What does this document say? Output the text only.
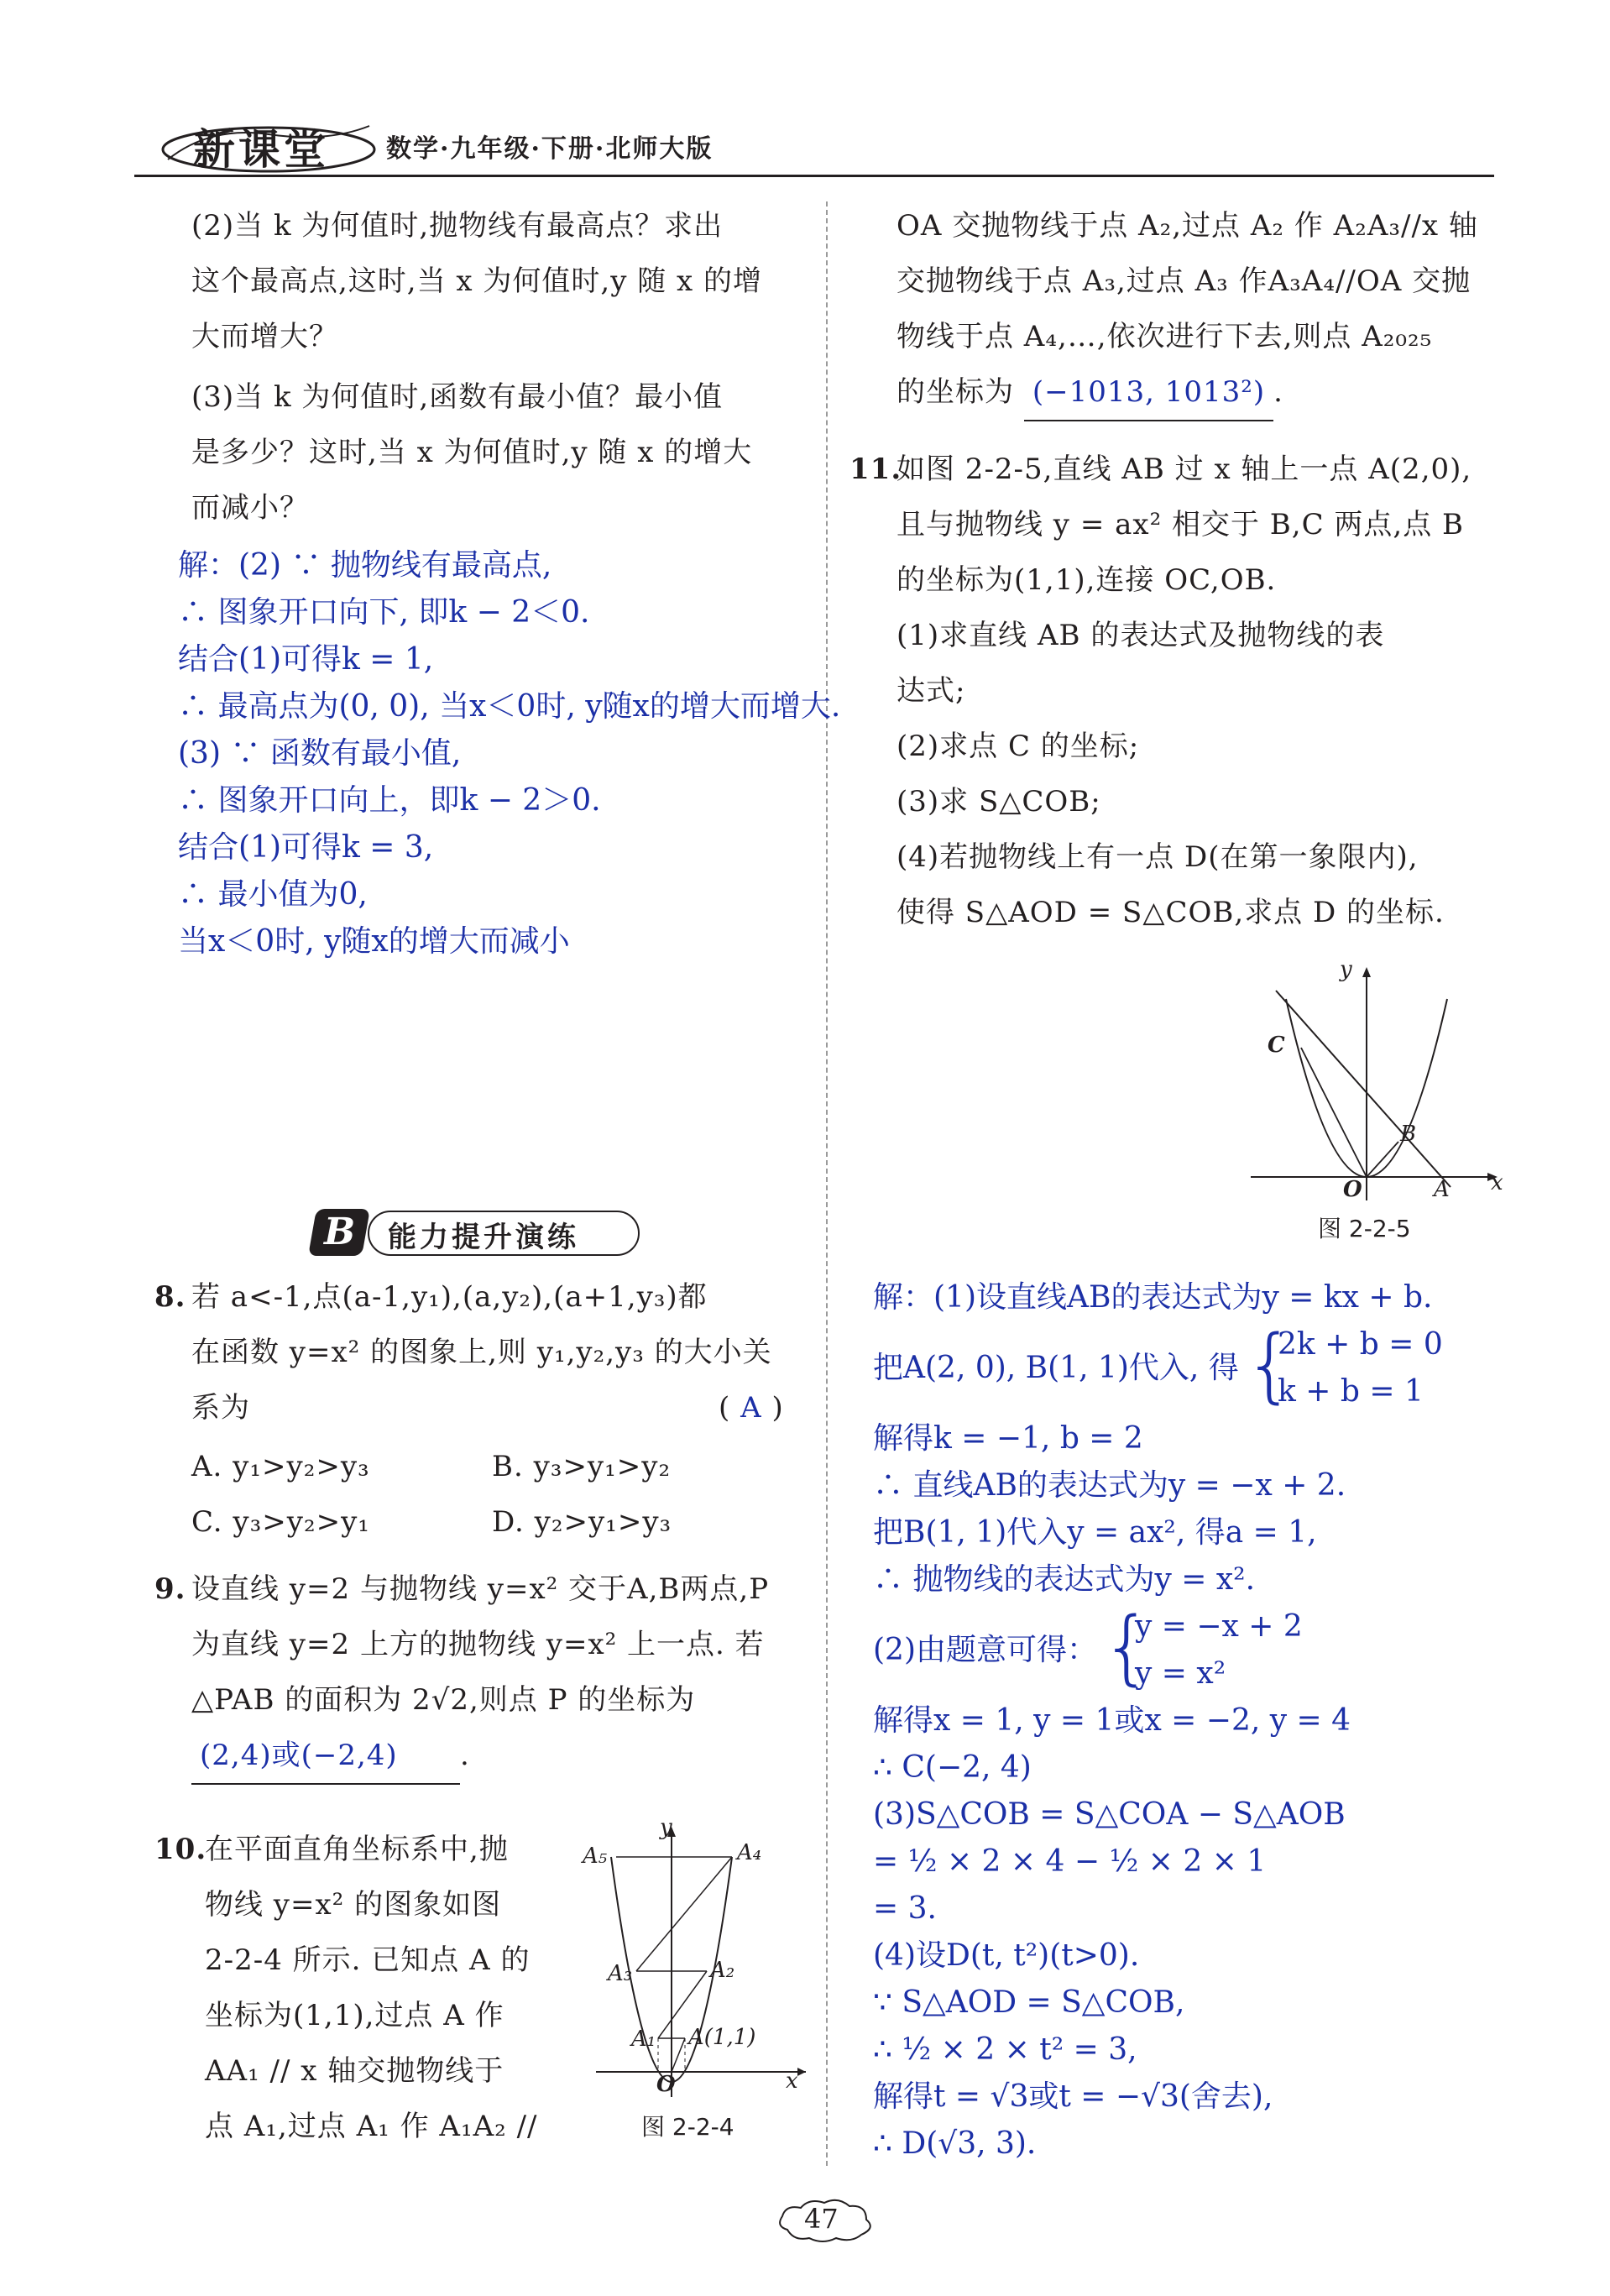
新课堂 数学·九年级·下册·北师大版
(2)当 k 为何值时,抛物线有最高点？求出
这个最高点,这时,当 x 为何值时,y 随 x 的增
大而增大？
(3)当 k 为何值时,函数有最小值？最小值
是多少？这时,当 x 为何值时,y 随 x 的增大
而减小？
解：(2) ∵ 抛物线有最高点,
∴ 图象开口向下, 即k − 2＜0.
结合(1)可得k = 1,
∴ 最高点为(0, 0), 当x＜0时, y随x的增大而增大.
(3) ∵ 函数有最小值,
∴ 图象开口向上，即k − 2＞0.
结合(1)可得k = 3,
∴ 最小值为0,
当x＜0时, y随x的增大而减小
B 能力提升演练
8. 若 a<-1,点(a-1,y₁),(a,y₂),(a+1,y₃)都
在函数 y=x² 的图象上,则 y₁,y₂,y₃ 的大小关
系为	( A )
A. y₁>y₂>y₃	B. y₃>y₁>y₂
C. y₃>y₂>y₁	D. y₂>y₁>y₃
9. 设直线 y=2 与抛物线 y=x² 交于A,B两点,P
为直线 y=2 上方的抛物线 y=x² 上一点. 若
△PAB 的面积为 2√2,则点 P 的坐标为
(2,4)或(−2,4) .
10.
在平面直角坐标系中,抛
物线 y=x² 的图象如图
2-2-4 所示. 已知点 A 的
坐标为(1,1),过点 A 作
AA₁ // x 轴交抛物线于
点 A₁,过点 A₁ 作 A₁A₂ //
y
x
O
A₅	A₄
A₃	A₂
A₁ A(1,1)
图 2-2-4
OA 交抛物线于点 A₂,过点 A₂ 作 A₂A₃//x 轴
交抛物线于点 A₃,过点 A₃ 作A₃A₄//OA 交抛
物线于点 A₄,…,依次进行下去,则点 A₂₀₂₅
的坐标为 (−1013, 1013²) .
11.
如图 2-2-5,直线 AB 过 x 轴上一点 A(2,0),
且与抛物线 y = ax² 相交于 B,C 两点,点 B
的坐标为(1,1),连接 OC,OB.
(1)求直线 AB 的表达式及抛物线的表
达式;
(2)求点 C 的坐标;
(3)求 S△COB;
(4)若抛物线上有一点 D(在第一象限内),
使得 S△AOD = S△COB,求点 D 的坐标.
y
x
O	A
B
C
图 2-2-5
解：(1)设直线AB的表达式为y = kx + b.
把A(2, 0), B(1, 1)代入, 得 {
2k + b = 0
k + b = 1
解得k = −1, b = 2
∴ 直线AB的表达式为y = −x + 2.
把B(1, 1)代入y = ax², 得a = 1,
∴ 抛物线的表达式为y = x².
(2)由题意可得： {
y = −x + 2
y = x²
解得x = 1, y = 1或x = −2, y = 4
∴ C(−2, 4)
(3)S△COB = S△COA − S△AOB
= ½ × 2 × 4 − ½ × 2 × 1
= 3.
(4)设D(t, t²)(t>0).
∵ S△AOD = S△COB,
∴ ½ × 2 × t² = 3,
解得t = √3或t = −√3(舍去),
∴ D(√3, 3).
47
